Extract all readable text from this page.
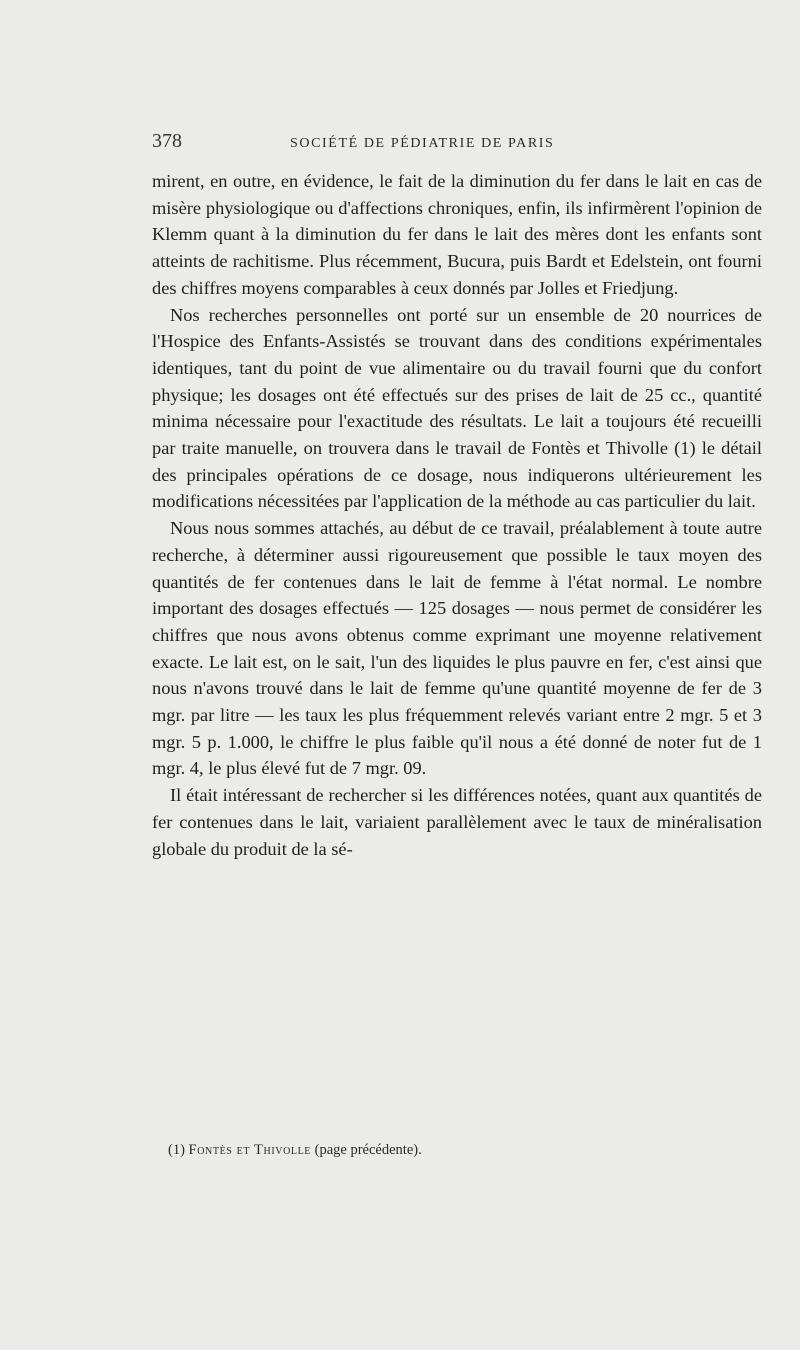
378	SOCIÉTÉ DE PÉDIATRIE DE PARIS

mirent, en outre, en évidence, le fait de la diminution du fer dans le lait en cas de misère physiologique ou d'affections chroniques, enfin, ils infirmèrent l'opinion de Klemm quant à la diminution du fer dans le lait des mères dont les enfants sont atteints de rachitisme. Plus récemment, Bucura, puis Bardt et Edelstein, ont fourni des chiffres moyens comparables à ceux donnés par Jolles et Friedjung.

Nos recherches personnelles ont porté sur un ensemble de 20 nourrices de l'Hospice des Enfants-Assistés se trouvant dans des conditions expérimentales identiques, tant du point de vue alimentaire ou du travail fourni que du confort physique; les dosages ont été effectués sur des prises de lait de 25 cc., quantité minima nécessaire pour l'exactitude des résultats. Le lait a toujours été recueilli par traite manuelle, on trouvera dans le travail de Fontès et Thivolle (1) le détail des principales opérations de ce dosage, nous indiquerons ultérieurement les modifications nécessitées par l'application de la méthode au cas particulier du lait.

Nous nous sommes attachés, au début de ce travail, préalablement à toute autre recherche, à déterminer aussi rigoureusement que possible le taux moyen des quantités de fer contenues dans le lait de femme à l'état normal. Le nombre important des dosages effectués — 125 dosages — nous permet de considérer les chiffres que nous avons obtenus comme exprimant une moyenne relativement exacte. Le lait est, on le sait, l'un des liquides le plus pauvre en fer, c'est ainsi que nous n'avons trouvé dans le lait de femme qu'une quantité moyenne de fer de 3 mgr. par litre — les taux les plus fréquemment relevés variant entre 2 mgr. 5 et 3 mgr. 5 p. 1.000, le chiffre le plus faible qu'il nous a été donné de noter fut de 1 mgr. 4, le plus élevé fut de 7 mgr. 09.

Il était intéressant de rechercher si les différences notées, quant aux quantités de fer contenues dans le lait, variaient parallèlement avec le taux de minéralisation globale du produit de la sé-

(1) Fontès et Thivolle (page précédente).
